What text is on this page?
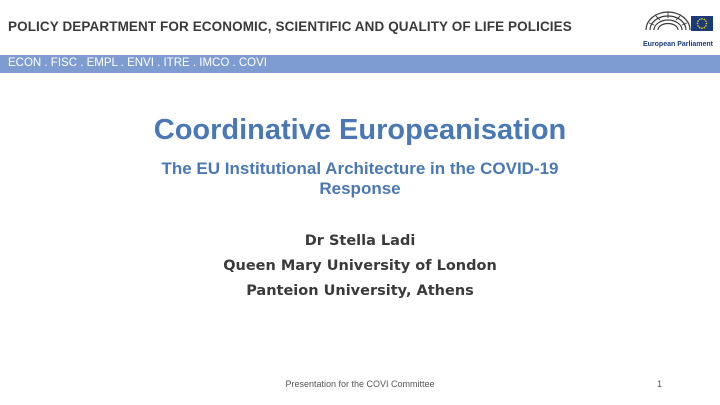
POLICY DEPARTMENT FOR ECONOMIC, SCIENTIFIC AND QUALITY OF LIFE POLICIES
European Parliament
ECON . FISC . EMPL . ENVI . ITRE . IMCO . COVI
Coordinative Europeanisation
The EU Institutional Architecture in the COVID-19 Response
Dr Stella Ladi
Queen Mary University of London
Panteion University, Athens
Presentation for the COVI Committee	1
